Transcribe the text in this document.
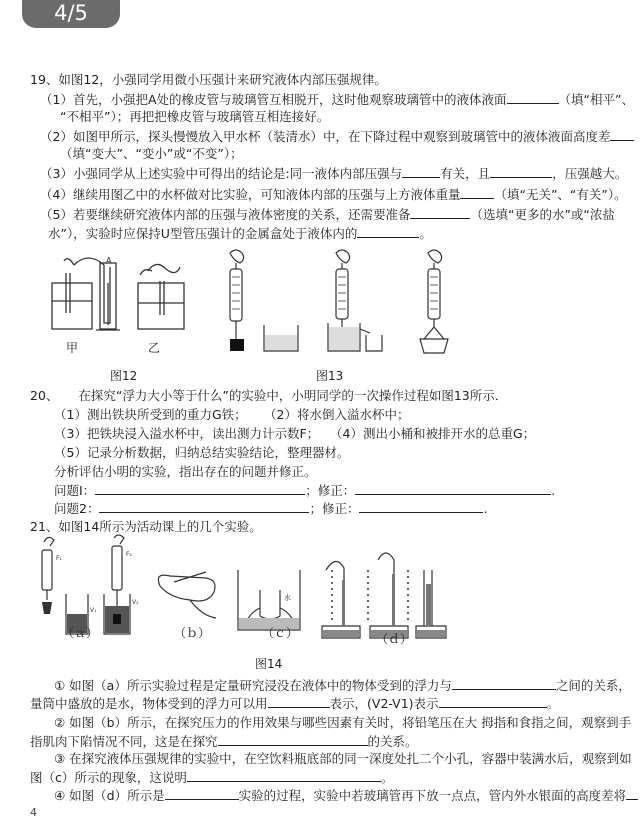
4/5
19、如图12，小强同学用微小压强计来研究液体内部压强规律。
（1）首先，小强把A处的橡皮管与玻璃管互相脱开，这时他观察玻璃管中的液体液面	（填“相平”、
“不相平”）；再把把橡皮管与玻璃管互相连接好。
（2）如图甲所示，探头慢慢放入甲水杯（装清水）中，在下降过程中观察到玻璃管中的液体液面高度差
（填“变大”、“变小”或“不变”）；
（3）小强同学从上述实验中可得出的结论是:同一液体内部压强与	有关，且	，压强越大。
（4）继续用图乙中的水杯做对比实验，可知液体内部的压强与上方液体重量	（填“无关”、“有关”）。
（5）若要继续研究液体内部的压强与液体密度的关系，还需要准备	（选填“更多的水”或“浓盐
水”），实验时应保持U型管压强计的金属盒处于液体内的	。
A
甲	乙
图12	图13
20、 在探究“浮力大小等于什么”的实验中，小明同学的一次操作过程如图13所示．
（1）测出铁块所受到的重力G铁； （2）将水倒入溢水杯中；
（3）把铁块浸入溢水杯中，读出测力计示数F； （4）测出小桶和被排开水的总重G；
（5）记录分析数据，归纳总结实验结论，整理器材。
分析评估小明的实验，指出存在的问题并修正。
问题I：	；修正：	.
问题2：	；修正：	.
21、如图14所示为活动课上的几个实验。
F₁
V₁
F₂
V₂
水
（ａ）	（ｂ）	（ｃ）	（ｄ）
图14
① 如图（a）所示实验过程是定量研究浸没在液体中的物体受到的浮力与	之间的关系，
量筒中盛放的是水，物体受到的浮力可以用	表示，(V2-V1)表示	。
② 如图（b）所示，在探究压力的作用效果与哪些因素有关时，将铅笔压在大 拇指和食指之间，观察到手
指肌肉下陷情况不同，这是在探究	的关系。
③ 在探究液体压强规律的实验中，在空饮料瓶底部的同一深度处扎二个小孔，容器中装满水后，观察到如
图（c）所示的现象，这说明	。
④ 如图（d）所示是	实验的过程，实验中若玻璃管再下放一点点，管内外水银面的高度差将
4
